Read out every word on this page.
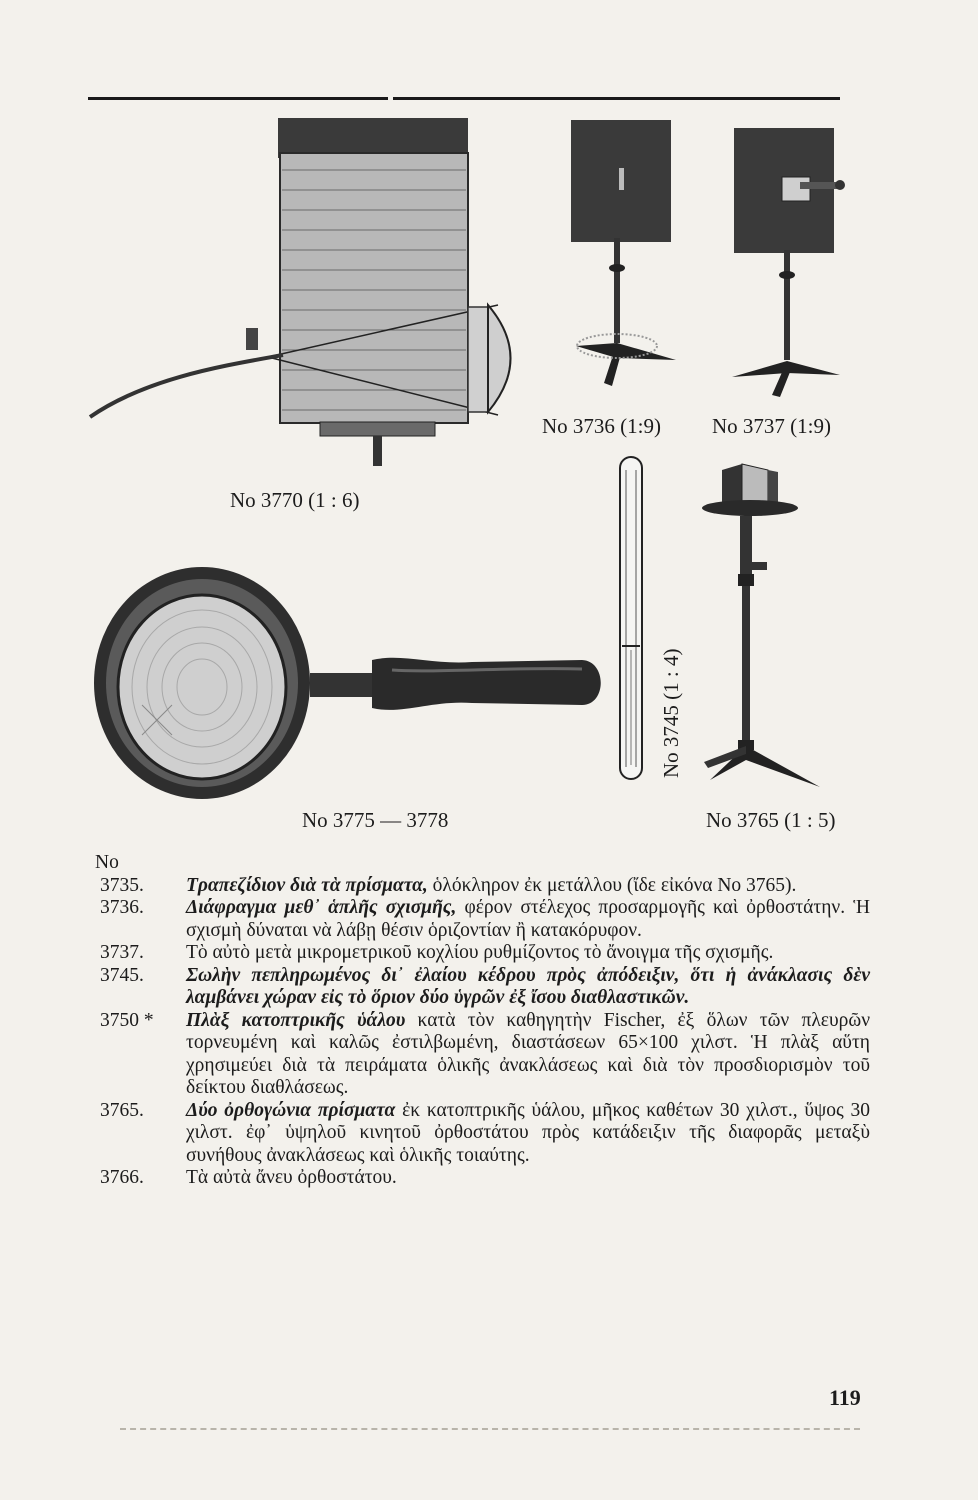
No 3770 (1 : 6)
No 3736 (1:9) No 3737 (1:9)
No 3775 — 3778	No 3765 (1 : 5)
No 3745 (1 : 4)
No
3735.	Τραπεζίδιον διὰ τὰ πρίσματα, ὁλόκληρον ἐκ μετάλλου (ἴδε εἰκόνα No 3765).
3736.	Διάφραγμα μεθ᾽ ἁπλῆς σχισμῆς, φέρον στέλεχος προσαρμογῆς καὶ ὀρθοστάτην. Ἡ σχισμὴ δύναται νὰ λάβῃ θέσιν ὁριζοντίαν ἢ κατακόρυφον.
3737.	Τὸ αὐτὸ μετὰ μικρομετρικοῦ κοχλίου ρυθμίζοντος τὸ ἄνοιγμα τῆς σχισμῆς.
3745.	Σωλὴν πεπληρωμένος δι᾽ ἐλαίου κέδρου πρὸς ἀπόδειξιν, ὅτι ἡ ἀνάκλασις δὲν λαμβάνει χώραν εἰς τὸ ὅριον δύο ὑγρῶν ἐξ ἴσου διαθλαστικῶν.
3750 *	Πλὰξ κατοπτρικῆς ὑάλου κατὰ τὸν καθηγητὴν Fischer, ἐξ ὅλων τῶν πλευρῶν τορνευμένη καὶ καλῶς ἐστιλβωμένη, διαστάσεων 65×100 χιλστ. Ἡ πλὰξ αὕτη χρησιμεύει διὰ τὰ πειράματα ὁλικῆς ἀνακλάσεως καὶ διὰ τὸν προσδιορισμὸν τοῦ δείκτου διαθλάσεως.
3765.	Δύο ὀρθογώνια πρίσματα ἐκ κατοπτρικῆς ὑάλου, μῆκος καθέτων 30 χιλστ., ὕψος 30 χιλστ. ἐφ᾽ ὑψηλοῦ κινητοῦ ὀρθοστάτου πρὸς κατάδειξιν τῆς διαφορᾶς μεταξὺ συνήθους ἀνακλάσεως καὶ ὁλικῆς τοιαύτης.
3766.	Τὰ αὐτὰ ἄνευ ὀρθοστάτου.
119
